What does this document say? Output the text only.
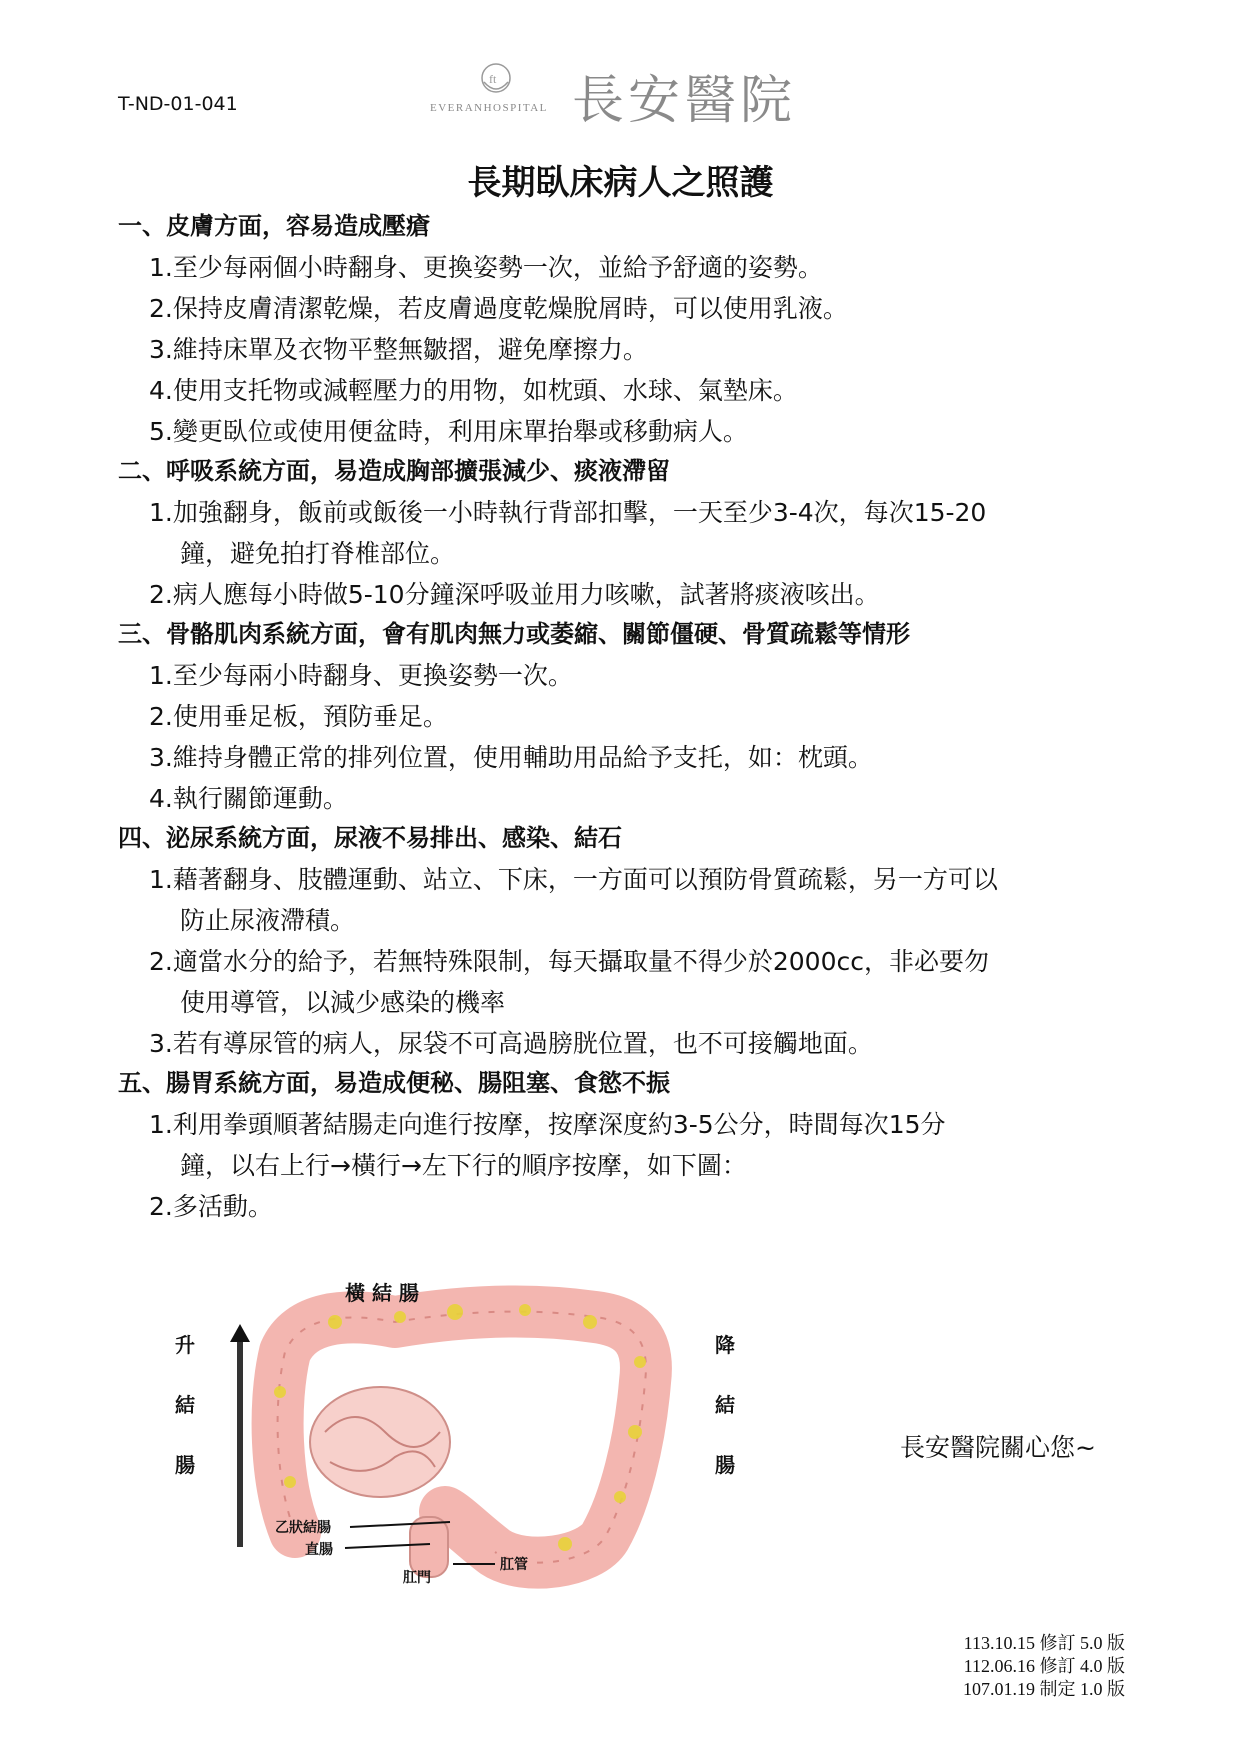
T-ND-01-041
ft
EVERANHOSPITAL 長安醫院
長期臥床病人之照護
一、皮膚方面，容易造成壓瘡
1.至少每兩個小時翻身、更換姿勢一次，並給予舒適的姿勢。
2.保持皮膚清潔乾燥，若皮膚過度乾燥脫屑時，可以使用乳液。
3.維持床單及衣物平整無皺摺，避免摩擦力。
4.使用支托物或減輕壓力的用物，如枕頭、水球、氣墊床。
5.變更臥位或使用便盆時，利用床單抬舉或移動病人。
二、呼吸系統方面，易造成胸部擴張減少、痰液滯留
1.加強翻身，飯前或飯後一小時執行背部扣擊，一天至少3-4次，每次15-20
鐘，避免拍打脊椎部位。
2.病人應每小時做5-10分鐘深呼吸並用力咳嗽，試著將痰液咳出。
三、骨骼肌肉系統方面，會有肌肉無力或萎縮、關節僵硬、骨質疏鬆等情形
1.至少每兩小時翻身、更換姿勢一次。
2.使用垂足板，預防垂足。
3.維持身體正常的排列位置，使用輔助用品給予支托，如：枕頭。
4.執行關節運動。
四、泌尿系統方面，尿液不易排出、感染、結石
1.藉著翻身、肢體運動、站立、下床，一方面可以預防骨質疏鬆，另一方可以
防止尿液滯積。
2.適當水分的給予，若無特殊限制，每天攝取量不得少於2000cc，非必要勿
使用導管，以減少感染的機率
3.若有導尿管的病人，尿袋不可高過膀胱位置，也不可接觸地面。
五、腸胃系統方面，易造成便秘、腸阻塞、食慾不振
1.利用拳頭順著結腸走向進行按摩，按摩深度約3-5公分，時間每次15分
鐘，以右上行→橫行→左下行的順序按摩，如下圖：
2.多活動。
橫 結 腸
升
結
腸
降
結
腸
乙狀結腸
直腸
肛管
肛門
長安醫院關心您~
113.10.15 修訂 5.0 版
112.06.16 修訂 4.0 版
107.01.19 制定 1.0 版
